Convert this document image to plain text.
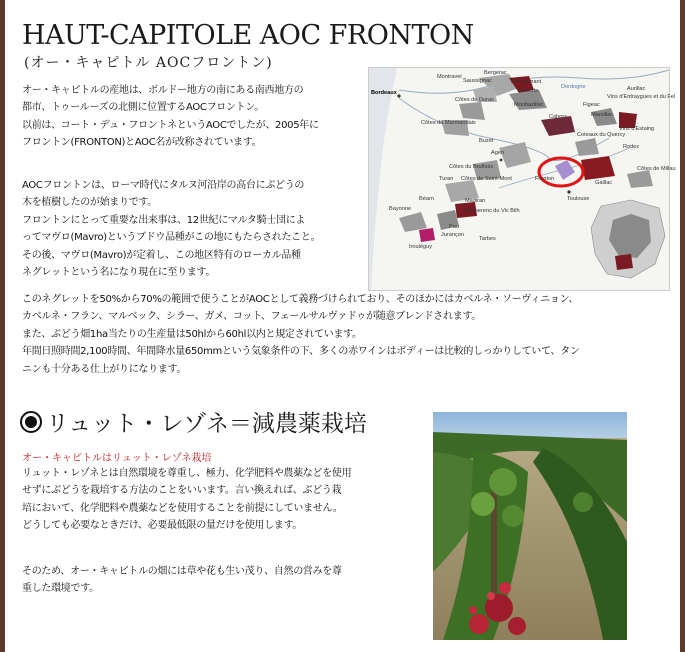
HAUT-CAPITOLE AOC FRONTON
(オー・キャピトル AOCフロントン)
オー・キャピトルの産地は、ボルドー地方の南にある南西地方の
都市、トゥールーズの北側に位置するAOCフロントン。
以前は、コート・デュ・フロントネというAOCでしたが、2005年に
フロントン(FRONTON)とAOC名が改称されています。
AOCフロントンは、ローマ時代にタルヌ河沿岸の高台にぶどうの
木を植樹したのが始まりです。
フロントンにとって重要な出来事は、12世紀にマルタ騎士団によ
ってマヴロ(Mavro)というブドウ品種がこの地にもたらされたこと。
その後、マヴロ(Mavro)が定着し、この地区特有のローカル品種
ネグレットという名になり現在に至ります。
このネグレットを50%から70%の範囲で使うことがAOCとして義務づけられており、そのほかにはカベルネ・ソーヴィニョン、
カベルネ・フラン、マルベック、シラー、ガメ、コット、フェールサルヴァドゥが随意ブレンドされます。
また、ぶどう畑1ha当たりの生産量は50hlから60hl以内と規定されています。
年間日照時間2,100時間、年間降水量650mmという気象条件の下、多くの赤ワインはボディーは比較的しっかりしていて、タン
ニンも十分ある仕上がりになります。
Bergerac
Pécharmant
Saussignac
Rosette
Montravel
Bordeaux
Côtes de Duras
Monbazillac
Dordogne	Aurillac
Vins d'Entraygues et du Fel
Figeac
Marcillac
Vins d'Estaing
Côtes du Marmandais
Cahors
Coteaux du Quercy
Rodez
Agen
Buzet
Côtes de Millau
Côtes du Brulhois
Turan Côtes de Saint-Mont	Fronton
Gaillac
Bayonne
Béarn	Madiran
Pacherenc du Vic Bilh
Toulouse
Irouléguy
Pau
Jurançon
Tarbes
リュット・レゾネ＝減農薬栽培
オー・キャピトルはリュット・レゾネ栽培
リュット・レゾネとは自然環境を尊重し、極力、化学肥料や農薬などを使用
せずにぶどうを栽培する方法のことをいいます。言い換えれば、ぶどう栽
培において、化学肥料や農薬などを使用することを前提にしていません。
どうしても必要なときだけ、必要最低限の量だけを使用します。
そのため、オー・キャピトルの畑には草や花も生い茂り、自然の営みを尊
重した環境です。
